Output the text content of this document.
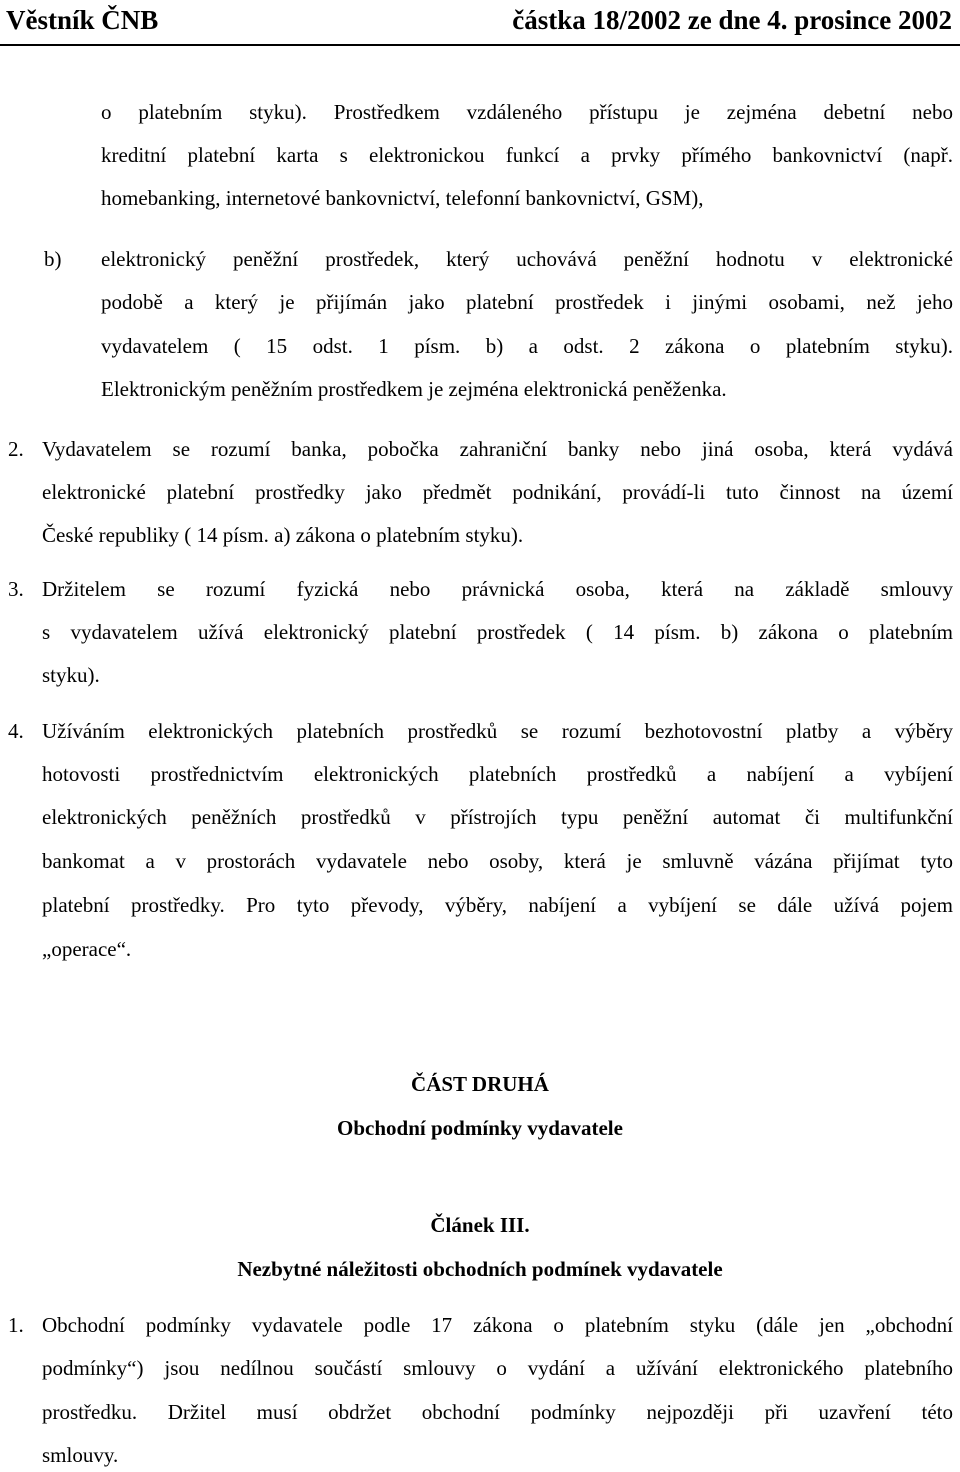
Věstník ČNB	částka 18/2002 ze dne 4. prosince 2002
o platebním styku). Prostředkem vzdáleného přístupu je zejména debetní nebo
kreditní platební karta s elektronickou funkcí a prvky přímého bankovnictví (např.
homebanking, internetové bankovnictví, telefonní bankovnictví, GSM),
b) elektronický peněžní prostředek, který uchovává peněžní hodnotu v elektronické
podobě a který je přijímán jako platební prostředek i jinými osobami, než jeho
vydavatelem ( 15 odst. 1 písm. b) a odst. 2 zákona o platebním styku).
Elektronickým peněžním prostředkem je zejména elektronická peněženka.
2. Vydavatelem se rozumí banka, pobočka zahraniční banky nebo jiná osoba, která vydává
elektronické platební prostředky jako předmět podnikání, provádí-li tuto činnost na území
České republiky ( 14 písm. a) zákona o platebním styku).
3. Držitelem se rozumí fyzická nebo právnická osoba, která na základě smlouvy
s vydavatelem užívá elektronický platební prostředek ( 14 písm. b) zákona o platebním
styku).
4. Užíváním elektronických platebních prostředků se rozumí bezhotovostní platby a výběry
hotovosti prostřednictvím elektronických platebních prostředků a nabíjení a vybíjení
elektronických peněžních prostředků v přístrojích typu peněžní automat či multifunkční
bankomat a v prostorách vydavatele nebo osoby, která je smluvně vázána přijímat tyto
platební prostředky. Pro tyto převody, výběry, nabíjení a vybíjení se dále užívá pojem
„operace“.
ČÁST DRUHÁ
Obchodní podmínky vydavatele
Článek III.
Nezbytné náležitosti obchodních podmínek vydavatele
1. Obchodní podmínky vydavatele podle 17 zákona o platebním styku (dále jen „obchodní
podmínky“) jsou nedílnou součástí smlouvy o vydání a užívání elektronického platebního
prostředku. Držitel musí obdržet obchodní podmínky nejpozději při uzavření této
smlouvy.
